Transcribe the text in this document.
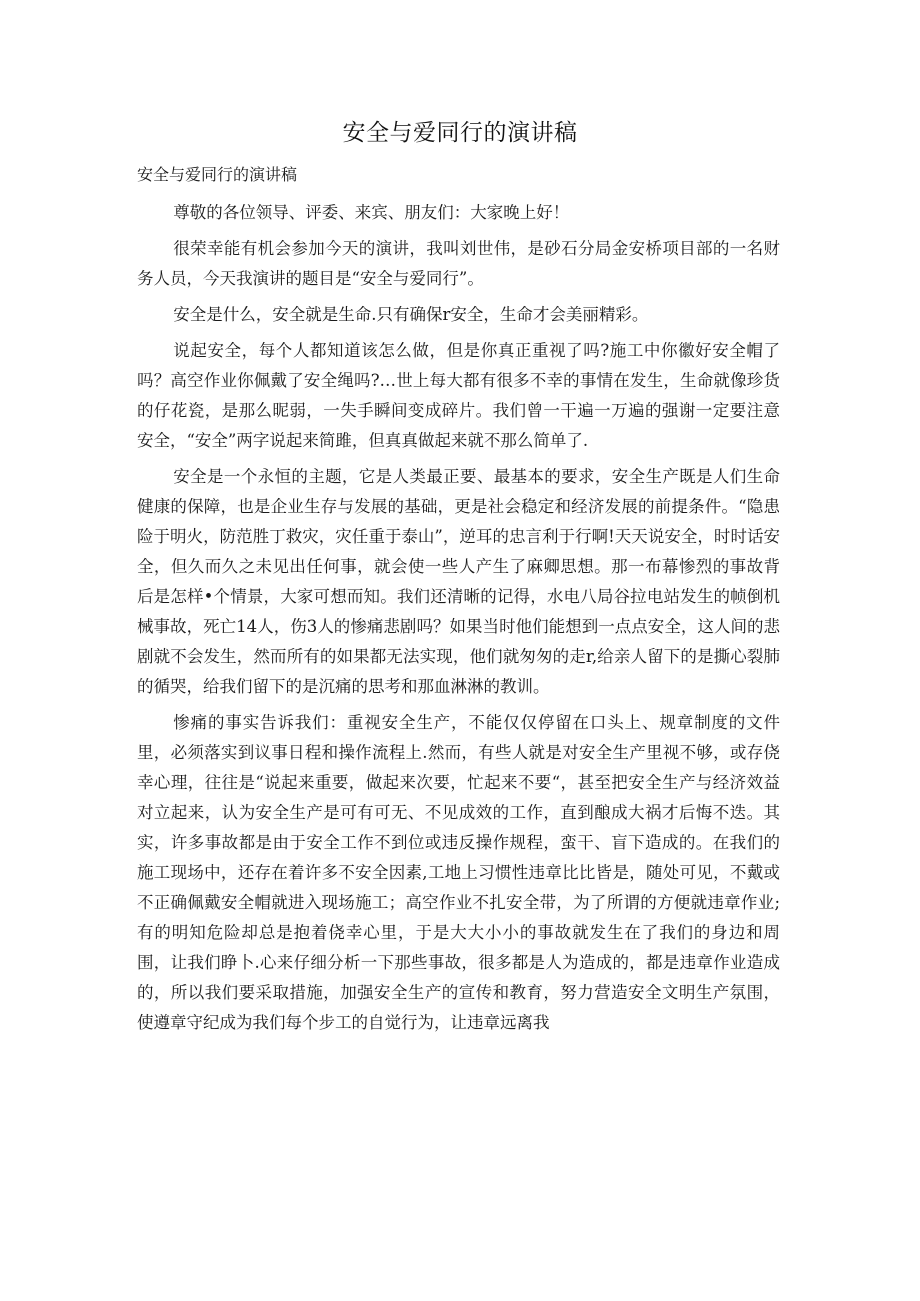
安全与爱同行的演讲稿
安全与爱同行的演讲稿

尊敬的各位领导、评委、来宾、朋友们：大家晚上好！

很荣幸能有机会参加今天的演讲，我叫刘世伟，是砂石分局金安桥项目部的一名财务人员，今天我演讲的题目是“安全与爱同行”。

安全是什么，安全就是生命.只有确保r安全，生命才会美丽精彩。

说起安全，每个人都知道该怎么做，但是你真正重视了吗?施工中你徽好安全帽了吗？高空作业你佩戴了安全绳吗?…世上每大都有很多不幸的事情在发生，生命就像珍货的仔花瓷，是那么昵弱，一失手瞬间变成碎片。我们曾一干遍一万遍的强谢一定要注意安全，“安全”两字说起来简雎，但真真做起来就不那么简单了.

安全是一个永恒的主题，它是人类最正要、最基本的要求，安全生产既是人们生命健康的保障，也是企业生存与发展的基础，更是社会稳定和经济发展的前提条件。“隐患险于明火，防范胜丁救灾，灾任重于泰山”，逆耳的忠言利于行啊!天天说安全，时时话安全，但久而久之未见出任何事，就会使一些人产生了麻卿思想。那一布幕惨烈的事故背后是怎样•个情景，大家可想而知。我们还清晰的记得，水电八局谷拉电站发生的帧倒机械事故，死亡14人，伤3人的惨痛悲剧吗？如果当时他们能想到一点点安全，这人间的悲剧就不会发生，然而所有的如果都无法实现，他们就匆匆的走r,给亲人留下的是撕心裂肺的循哭，给我们留下的是沉痛的思考和那血淋淋的教训。

惨痛的事实告诉我们：重视安全生产，不能仅仅停留在口头上、规章制度的文件里，必须落实到议事日程和操作流程上.然而，有些人就是对安全生产里视不够，或存侥幸心理，往往是“说起来重要，做起来次要，忙起来不要“，甚至把安全生产与经济效益对立起来，认为安全生产是可有可无、不见成效的工作，直到酿成大祸才后悔不迭。其实，许多事故都是由于安全工作不到位或违反操作规程，蛮干、盲下造成的。在我们的施工现场中，还存在着许多不安全因素,工地上习惯性违章比比皆是，随处可见，不戴或不正确佩戴安全帽就进入现场施工；高空作业不扎安全带，为了所谓的方便就违章作业;有的明知危险却总是抱着侥幸心里，于是大大小小的事故就发生在了我们的身边和周围，让我们睁卜.心来仔细分析一下那些事故，很多都是人为造成的，都是违章作业造成的，所以我们要采取措施，加强安全生产的宣传和教育，努力营造安全文明生产氛围，使遵章守纪成为我们每个步工的自觉行为，让违章远离我
